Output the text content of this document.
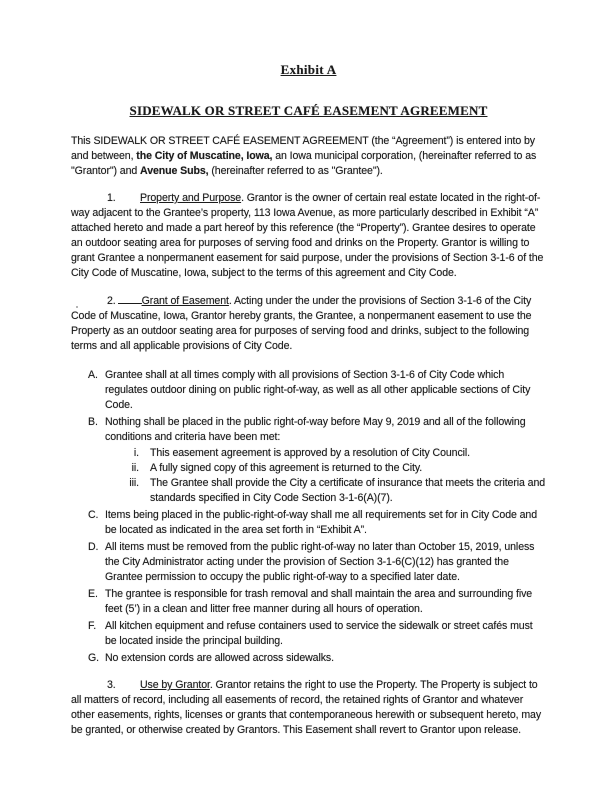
Exhibit A
SIDEWALK OR STREET CAFÉ EASEMENT AGREEMENT

This SIDEWALK OR STREET CAFÉ EASEMENT AGREEMENT (the “Agreement”) is entered into by and between, the City of Muscatine, Iowa, an Iowa municipal corporation, (hereinafter referred to as "Grantor") and Avenue Subs, (hereinafter referred to as "Grantee").

1. Property and Purpose. Grantor is the owner of certain real estate located in the right-of-way adjacent to the Grantee’s property, 113 Iowa Avenue, as more particularly described in Exhibit “A” attached hereto and made a part hereof by this reference (the “Property”). Grantee desires to operate an outdoor seating area for purposes of serving food and drinks on the Property. Grantor is willing to grant Grantee a nonpermanent easement for said purpose, under the provisions of Section 3-1-6 of the City Code of Muscatine, Iowa, subject to the terms of this agreement and City Code.

2. Grant of Easement. Acting under the under the provisions of Section 3-1-6 of the City Code of Muscatine, Iowa, Grantor hereby grants, the Grantee, a nonpermanent easement to use the Property as an outdoor seating area for purposes of serving food and drinks, subject to the following terms and all applicable provisions of City Code.

A. Grantee shall at all times comply with all provisions of Section 3-1-6 of City Code which regulates outdoor dining on public right-of-way, as well as all other applicable sections of City Code.
B. Nothing shall be placed in the public right-of-way before May 9, 2019 and all of the following conditions and criteria have been met:
i. This easement agreement is approved by a resolution of City Council.
ii. A fully signed copy of this agreement is returned to the City.
iii. The Grantee shall provide the City a certificate of insurance that meets the criteria and standards specified in City Code Section 3-1-6(A)(7).
C. Items being placed in the public-right-of-way shall me all requirements set for in City Code and be located as indicated in the area set forth in “Exhibit A”.
D. All items must be removed from the public right-of-way no later than October 15, 2019, unless the City Administrator acting under the provision of Section 3-1-6(C)(12) has granted the Grantee permission to occupy the public right-of-way to a specified later date.
E. The grantee is responsible for trash removal and shall maintain the area and surrounding five feet (5’) in a clean and litter free manner during all hours of operation.
F. All kitchen equipment and refuse containers used to service the sidewalk or street cafés must be located inside the principal building.
G. No extension cords are allowed across sidewalks.

3. Use by Grantor. Grantor retains the right to use the Property. The Property is subject to all matters of record, including all easements of record, the retained rights of Grantor and whatever other easements, rights, licenses or grants that contemporaneous herewith or subsequent hereto, may be granted, or otherwise created by Grantors. This Easement shall revert to Grantor upon release.
